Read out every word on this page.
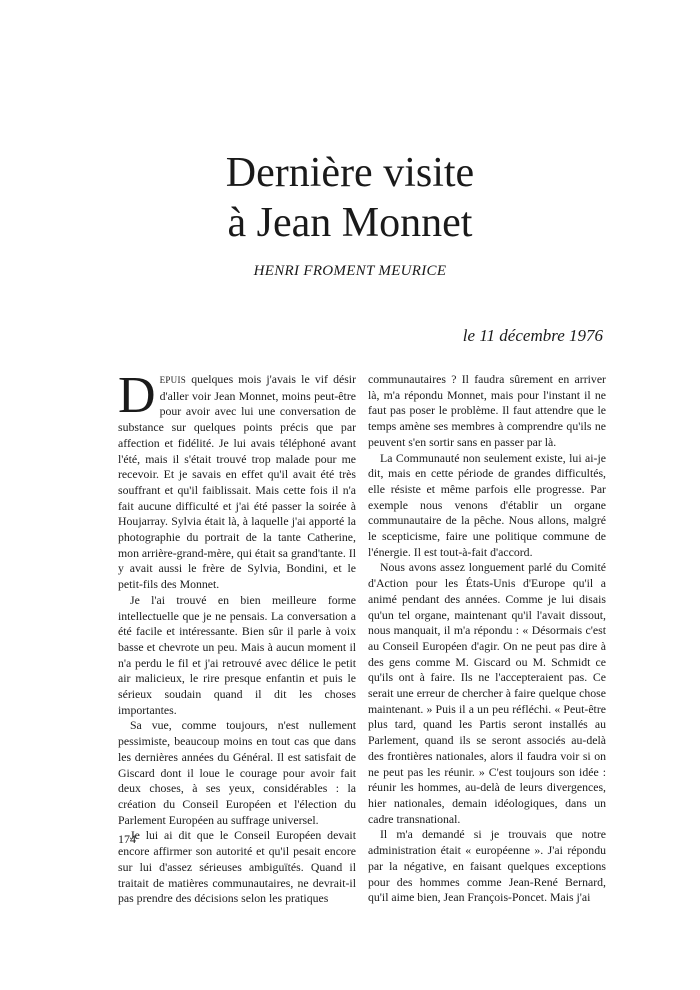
Dernière visite
à Jean Monnet
HENRI FROMENT MEURICE
le 11 décembre 1976

DEPUIS quelques mois j'avais le vif désir d'aller voir Jean Monnet, moins peut-être pour avoir avec lui une conversation de substance sur quelques points précis que par affection et fidélité. Je lui avais téléphoné avant l'été, mais il s'était trouvé trop malade pour me recevoir. Et je savais en effet qu'il avait été très souffrant et qu'il faiblissait. Mais cette fois il n'a fait aucune difficulté et j'ai été passer la soirée à Houjarray. Sylvia était là, à laquelle j'ai apporté la photographie du portrait de la tante Catherine, mon arrière-grand-mère, qui était sa grand'tante. Il y avait aussi le frère de Sylvia, Bondini, et le petit-fils des Monnet.

Je l'ai trouvé en bien meilleure forme intellectuelle que je ne pensais. La conversation a été facile et intéressante. Bien sûr il parle à voix basse et chevrote un peu. Mais à aucun moment il n'a perdu le fil et j'ai retrouvé avec délice le petit air malicieux, le rire presque enfantin et puis le sérieux soudain quand il dit les choses importantes.

Sa vue, comme toujours, n'est nullement pessimiste, beaucoup moins en tout cas que dans les dernières années du Général. Il est satisfait de Giscard dont il loue le courage pour avoir fait deux choses, à ses yeux, considérables : la création du Conseil Européen et l'élection du Parlement Européen au suffrage universel.

Je lui ai dit que le Conseil Européen devait encore affirmer son autorité et qu'il pesait encore sur lui d'assez sérieuses ambiguïtés. Quand il traitait de matières communautaires, ne devrait-il pas prendre des décisions selon les pratiques

communautaires ? Il faudra sûrement en arriver là, m'a répondu Monnet, mais pour l'instant il ne faut pas poser le problème. Il faut attendre que le temps amène ses membres à comprendre qu'ils ne peuvent s'en sortir sans en passer par là.

La Communauté non seulement existe, lui ai-je dit, mais en cette période de grandes difficultés, elle résiste et même parfois elle progresse. Par exemple nous venons d'établir un organe communautaire de la pêche. Nous allons, malgré le scepticisme, faire une politique commune de l'énergie. Il est tout-à-fait d'accord.

Nous avons assez longuement parlé du Comité d'Action pour les États-Unis d'Europe qu'il a animé pendant des années. Comme je lui disais qu'un tel organe, maintenant qu'il l'avait dissout, nous manquait, il m'a répondu : « Désormais c'est au Conseil Européen d'agir. On ne peut pas dire à des gens comme M. Giscard ou M. Schmidt ce qu'ils ont à faire. Ils ne l'accepteraient pas. Ce serait une erreur de chercher à faire quelque chose maintenant. » Puis il a un peu réfléchi. « Peut-être plus tard, quand les Partis seront installés au Parlement, quand ils se seront associés au-delà des frontières nationales, alors il faudra voir si on ne peut pas les réunir. » C'est toujours son idée : réunir les hommes, au-delà de leurs divergences, hier nationales, demain idéologiques, dans un cadre transnational.

Il m'a demandé si je trouvais que notre administration était « européenne ». J'ai répondu par la négative, en faisant quelques exceptions pour des hommes comme Jean-René Bernard, qu'il aime bien, Jean François-Poncet. Mais j'ai

174
